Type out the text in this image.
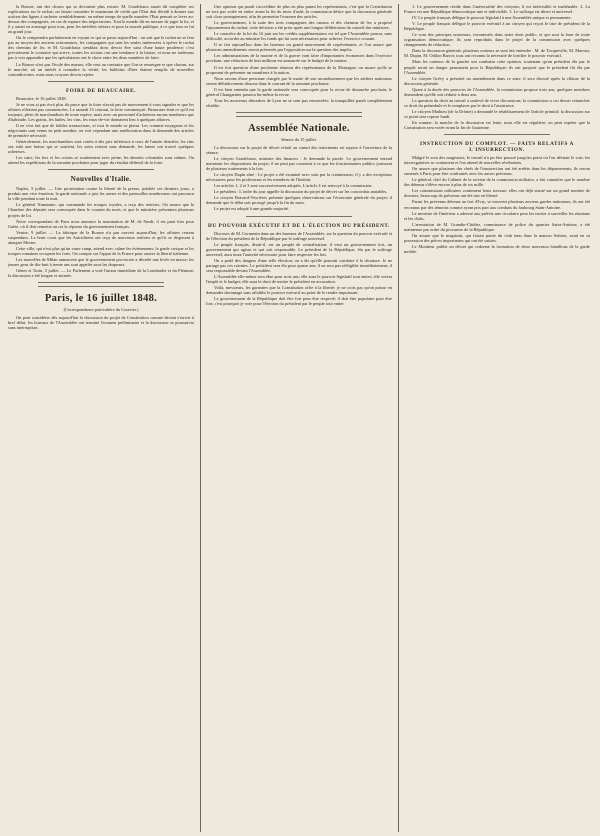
la Bourse, ont des choses qui se devraient plus exister. M. Goudchaux aurait dû compléter ses explications sur le rachat; on faisait connaître le maximum de crédit que l'Etat doit décidé à donner aux actions des lignes à racheter semblablement, en même temps de quelle manière l'Etat pensait se lever au-dessus des compagnies, en cas de rupture des négociations. Tout le monde fût en mesure de juger la loi, et il y aurait eu avantage pour tous, pour les intérêtes sérieux et pour la morale publique, à ce que tous se fut au grand jour.

On le comprendra parfaitement en voyant ce qui se passe aujourd'hui : on sait que le rachat ne se fera pas au moyen des anciens actionnaires, les compagnies qui sont les seules intéressées à opérer le rachat des chemins de fer, et M. Goudchaux semblait donc devoir être saisi d'une haute prudence; c'est précisément le contraire qui arrive, toutes les actions ont une tendance à la baisse, et nous ne tarderons pas à voir apparaître que les spéculateurs ont le choix entre les deux manières de faire.

La Bourse n'est pas l'école des mœurs; elle veut au contraire que l'on se renseigne et que chacun, sur le marché, ait un intérêt à connaître la vérité; les bulletins d'hier étaient remplis de nouvelles contradictoires, mais nous croyons devoir rejeter.

FOIRE DE BEAUCAIRE.

Beaucaire, le 16 juillet 1848.

Je ne vous ai pas écrit plus tôt parce que la foire n'avait pas de mouvement à vous signaler et que les affaires n'étaient pas commencées. Le samedi 15 courant, la foire commençait. Beaucaire était ce qu'il est toujours, plein de marchandises de toute espèce, mais avec un personnel d'acheteurs moins nombreux que d'habitude. Les grains, les huiles, les vins, les eaux-de-vie donnaient lieu à quelques affaires.

Il ne s'est fait que de faibles transactions, et tout le monde se plaint. Les commis-voyageurs et les négociants sont venus en petit nombre; on voit cependant une amélioration dans la demande des articles de première nécessité.

Généralement, les marchandises sont cotées à des prix inférieurs à ceux de l'année dernière; les vins ont subi une baisse qui se soutient, les soies restent sans demande, les laines ont trouvé quelques acheteurs.

Les cuirs, les fers et les cotons se soutiennent avec peine; les denrées coloniales sont calmes. On attend les expéditions de la semaine prochaine pour juger du résultat définitif de la foire.

Nouvelles d'Italie.

Naples, 5 juillet. — Une protestation contre la liberté de la presse, publiée ces derniers jours, a produit une vive émotion; la garde nationale a pris les armes et des patrouilles nombreuses ont parcouru la ville pendant toute la nuit.

Le général Nunziante, qui commande les troupes royales, a reçu des renforts. On assure que la Chambre des députés sera convoquée dans le courant du mois, et que le ministère présentera plusieurs projets de loi.

Notre correspondant de Paris nous annonce la nomination de M. de Nardi; il est parti hier pour Gaëte, où il doit remettre au roi la réponse du gouvernement français.

Venise, 9 juillet. — La fabrique de la Bourse n'a pas rouvert aujourd'hui; les affaires restent suspendues. Le bruit court que les Autrichiens ont reçu de nouveaux renforts et qu'ils se disposent à attaquer Mestre.

Cette ville, qui n'est plus qu'un vaste camp, attend avec calme les événements; la garde civique et les troupes romaines occupent les forts. On compte sur l'appui de la France pour sauver la liberté italienne.

Les nouvelles de Milan annoncent que le gouvernement provisoire a décrété une levée en masse; les jeunes gens de dix-huit à trente ans sont appelés sous les drapeaux.

Gênes et Turin, 5 juillet. — Le Parlement a voté l'union immédiate de la Lombardie et du Piémont; la discussion a été longue et animée.

Paris, le 16 juillet 1848.
(Correspondance particulière du Courrier.)

On peut considérer dès aujourd'hui la discussion du projet de Constitution comme devant s'ouvrir à bref délai; les bureaux de l'Assemblée ont terminé l'examen préliminaire et la discussion se poursuivra sans interruption.

Une opinion qui paraît s'accréditer de plus en plus parmi les représentants, c'est que la Constitution ne sera pas votée en entier avant la fin du mois d'août; la commission désire que la discussion générale soit close promptement, afin de permettre l'examen des articles.

Le gouvernement, à la suite des trois compagnies des canaux et des chemins de fer, a proposé l'ajournement du rachat; cette décision a été prise après une longue délibération du conseil des ministres.

Le caractère de la loi du 16 juin sur les crédits supplémentaires est tel que l'Assemblée pourra, sans difficulté, accorder au ministre les fonds qui lui sont nécessaires pour achever l'exercice courant.

Il se fait aujourd'hui dans les bureaux un grand mouvement de représentants, et l'on assure que plusieurs amendements seront présentés par l'opposition sur la question des impôts.

Les administrations de la marine et de la guerre vont faire d'importantes économies dans l'exercice prochain; une réduction de huit millions est annoncée sur le budget de la marine.

Il est fort question d'une prochaine réunion des représentants de la Montagne; on assure qu'ils se proposent de présenter un manifeste à la nation.

Nous savons d'une personne chargée par le maire de son arrondissement que les ateliers nationaux seront définitivement dissous dans le courant de la semaine prochaine.

Il est bien entendu que la garde nationale sera convoquée pour la revue de dimanche prochain; le général Changarnier passera lui-même la revue.

Tous les nouveaux désordres de Lyon ne se sont pas renouvelés; la tranquillité paraît complètement rétablie.

Assemblée Nationale.
Séance du 15 juillet.

La discussion sur le projet de décret relatif au cumul des traitements est reprise à l'ouverture de la séance.

Le citoyen Goudchaux, ministre des finances : Je demande la parole. Le gouvernement entend maintenir les dispositions du projet; il ne peut pas consentir à ce que les fonctionnaires publics jouissent de plusieurs traitements à la fois.

Le citoyen Dupin aîné : Le projet a été examiné avec soin par la commission; il y a des exceptions nécessaires pour les professeurs et les membres de l'Institut.

Les articles 1, 2 et 3 sont successivement adoptés. L'article 4 est renvoyé à la commission.

Le président : L'ordre du jour appelle la discussion du projet de décret sur les concordats amiables.

Le citoyen Bravard-Veyrières présente quelques observations sur l'économie générale du projet; il demande que le délai soit prorogé jusqu'à la fin du mois.

Le projet est adopté à une grande majorité.

DU POUVOIR EXÉCUTIF ET DE L'ÉLECTION DU PRÉSIDENT.

Discours de M. Cormenin dans un des bureaux de l'Assemblée, sur la question du pouvoir exécutif et de l'élection du président de la République par le suffrage universel.

Le peuple français, disait-il, est un peuple de centralisation; il veut un gouvernement fort, un gouvernement qui agisse et qui soit responsable. Le président de la République, élu par le suffrage universel, aura toute l'autorité nécessaire pour faire respecter les lois.

On a parlé des dangers d'une telle élection; on a dit qu'elle pourrait conduire à la dictature. Je ne partage pas ces craintes. Le président sera élu pour quatre ans; il ne sera pas rééligible immédiatement; il sera responsable devant l'Assemblée.

L'Assemblée elle-même sera élue pour trois ans; elle aura le pouvoir législatif tout entier; elle votera l'impôt et le budget; elle aura le droit de mettre le président en accusation.

Voilà, messieurs, les garanties que la Constitution offre à la liberté; je ne crois pas qu'on puisse en demander davantage sans affaiblir le pouvoir exécutif au point de le rendre impuissant.

Le gouvernement de la République doit être fort pour être respecté; il doit être populaire pour être fort; c'est pourquoi je vote pour l'élection du président par le peuple tout entier.

1. Le gouvernement réside dans l'universalité des citoyens; il est indivisible et inaliénable. 2. La France est une République démocratique une et indivisible. 3. Le suffrage est direct et universel.

IV. Le peuple français délègue le pouvoir législatif à une Assemblée unique et permanente.

V. Le peuple français délègue le pouvoir exécutif à un citoyen qui reçoit le titre de président de la République.

Ce sont des principes nouveaux, incontestés dans notre droit public, et qui sont la base de toute organisation démocratique; ils sont reproduits dans le projet de la commission avec quelques changements de rédaction.

Dans la discussion générale, plusieurs orateurs se sont fait entendre : M. de Tocqueville, M. Marrast, M. Dupin, M. Odilon Barrot; tous ont reconnu la nécessité de fortifier le pouvoir exécutif.

Mais les orateurs de la gauche ont combattu cette opinion, soutenant qu'un président élu par le peuple serait un danger permanent pour la République; ils ont proposé que le président fût élu par l'Assemblée.

Le citoyen Grévy a présenté un amendement dans ce sens; il sera discuté après la clôture de la discussion générale.

Quant à la durée des pouvoirs de l'Assemblée, la commission propose trois ans; quelques membres demandent qu'elle soit réduite à deux ans.

La question du droit au travail a soulevé de vives discussions; la commission a cru devoir retrancher ce droit du préambule et le remplacer par le droit à l'assistance.

Le citoyen Mathieu (de la Drôme) a demandé le rétablissement de l'article primitif; la discussion sur ce point sera reprise lundi.

En somme, la marche de la discussion est lente, mais elle est régulière; on peut espérer que la Constitution sera votée avant la fin de l'automne.

INSTRUCTION DU COMPLOT. — FAITS RELATIFS A L'INSURRECTION.

Malgré le soin des magistrats, le travail n'a pu être poussé jusqu'au point où l'on désirait le voir; les interrogatoires se continuent et l'on attend de nouvelles révélations.

On assure que plusieurs des chefs de l'insurrection ont été arrêtés dans les départements; ils seront ramenés à Paris pour être confrontés avec les autres prévenus.

Le général, chef du Cabinet de la section de la commission militaire, a fait connaître que le nombre des détenus s'élève encore à plus de six mille.

Les commissions militaires continuent leurs travaux; elles ont déjà statué sur un grand nombre de dossiers; beaucoup de prévenus ont été mis en liberté.

Parmi les prévenus détenus au fort d'Ivry, se trouvent plusieurs anciens gardes nationaux; ils ont été reconnus par des témoins comme ayant pris part aux combats du faubourg Saint-Antoine.

Le ministre de l'intérieur a adressé aux préfets une circulaire pour les inviter à surveiller les réunions et les clubs.

L'arrestation de M. Grandin-Chidier, commissaire de police du quartier Saint-Antoine, a été maintenue par ordre du procureur de la République.

On assure que le magistrat, qui faisait partie du club tenu dans la maison Sobrier, avait en sa possession des pièces importantes qui ont été saisies.

Le Moniteur publie un décret qui ordonne la formation de deux nouveaux bataillons de la garde mobile.
